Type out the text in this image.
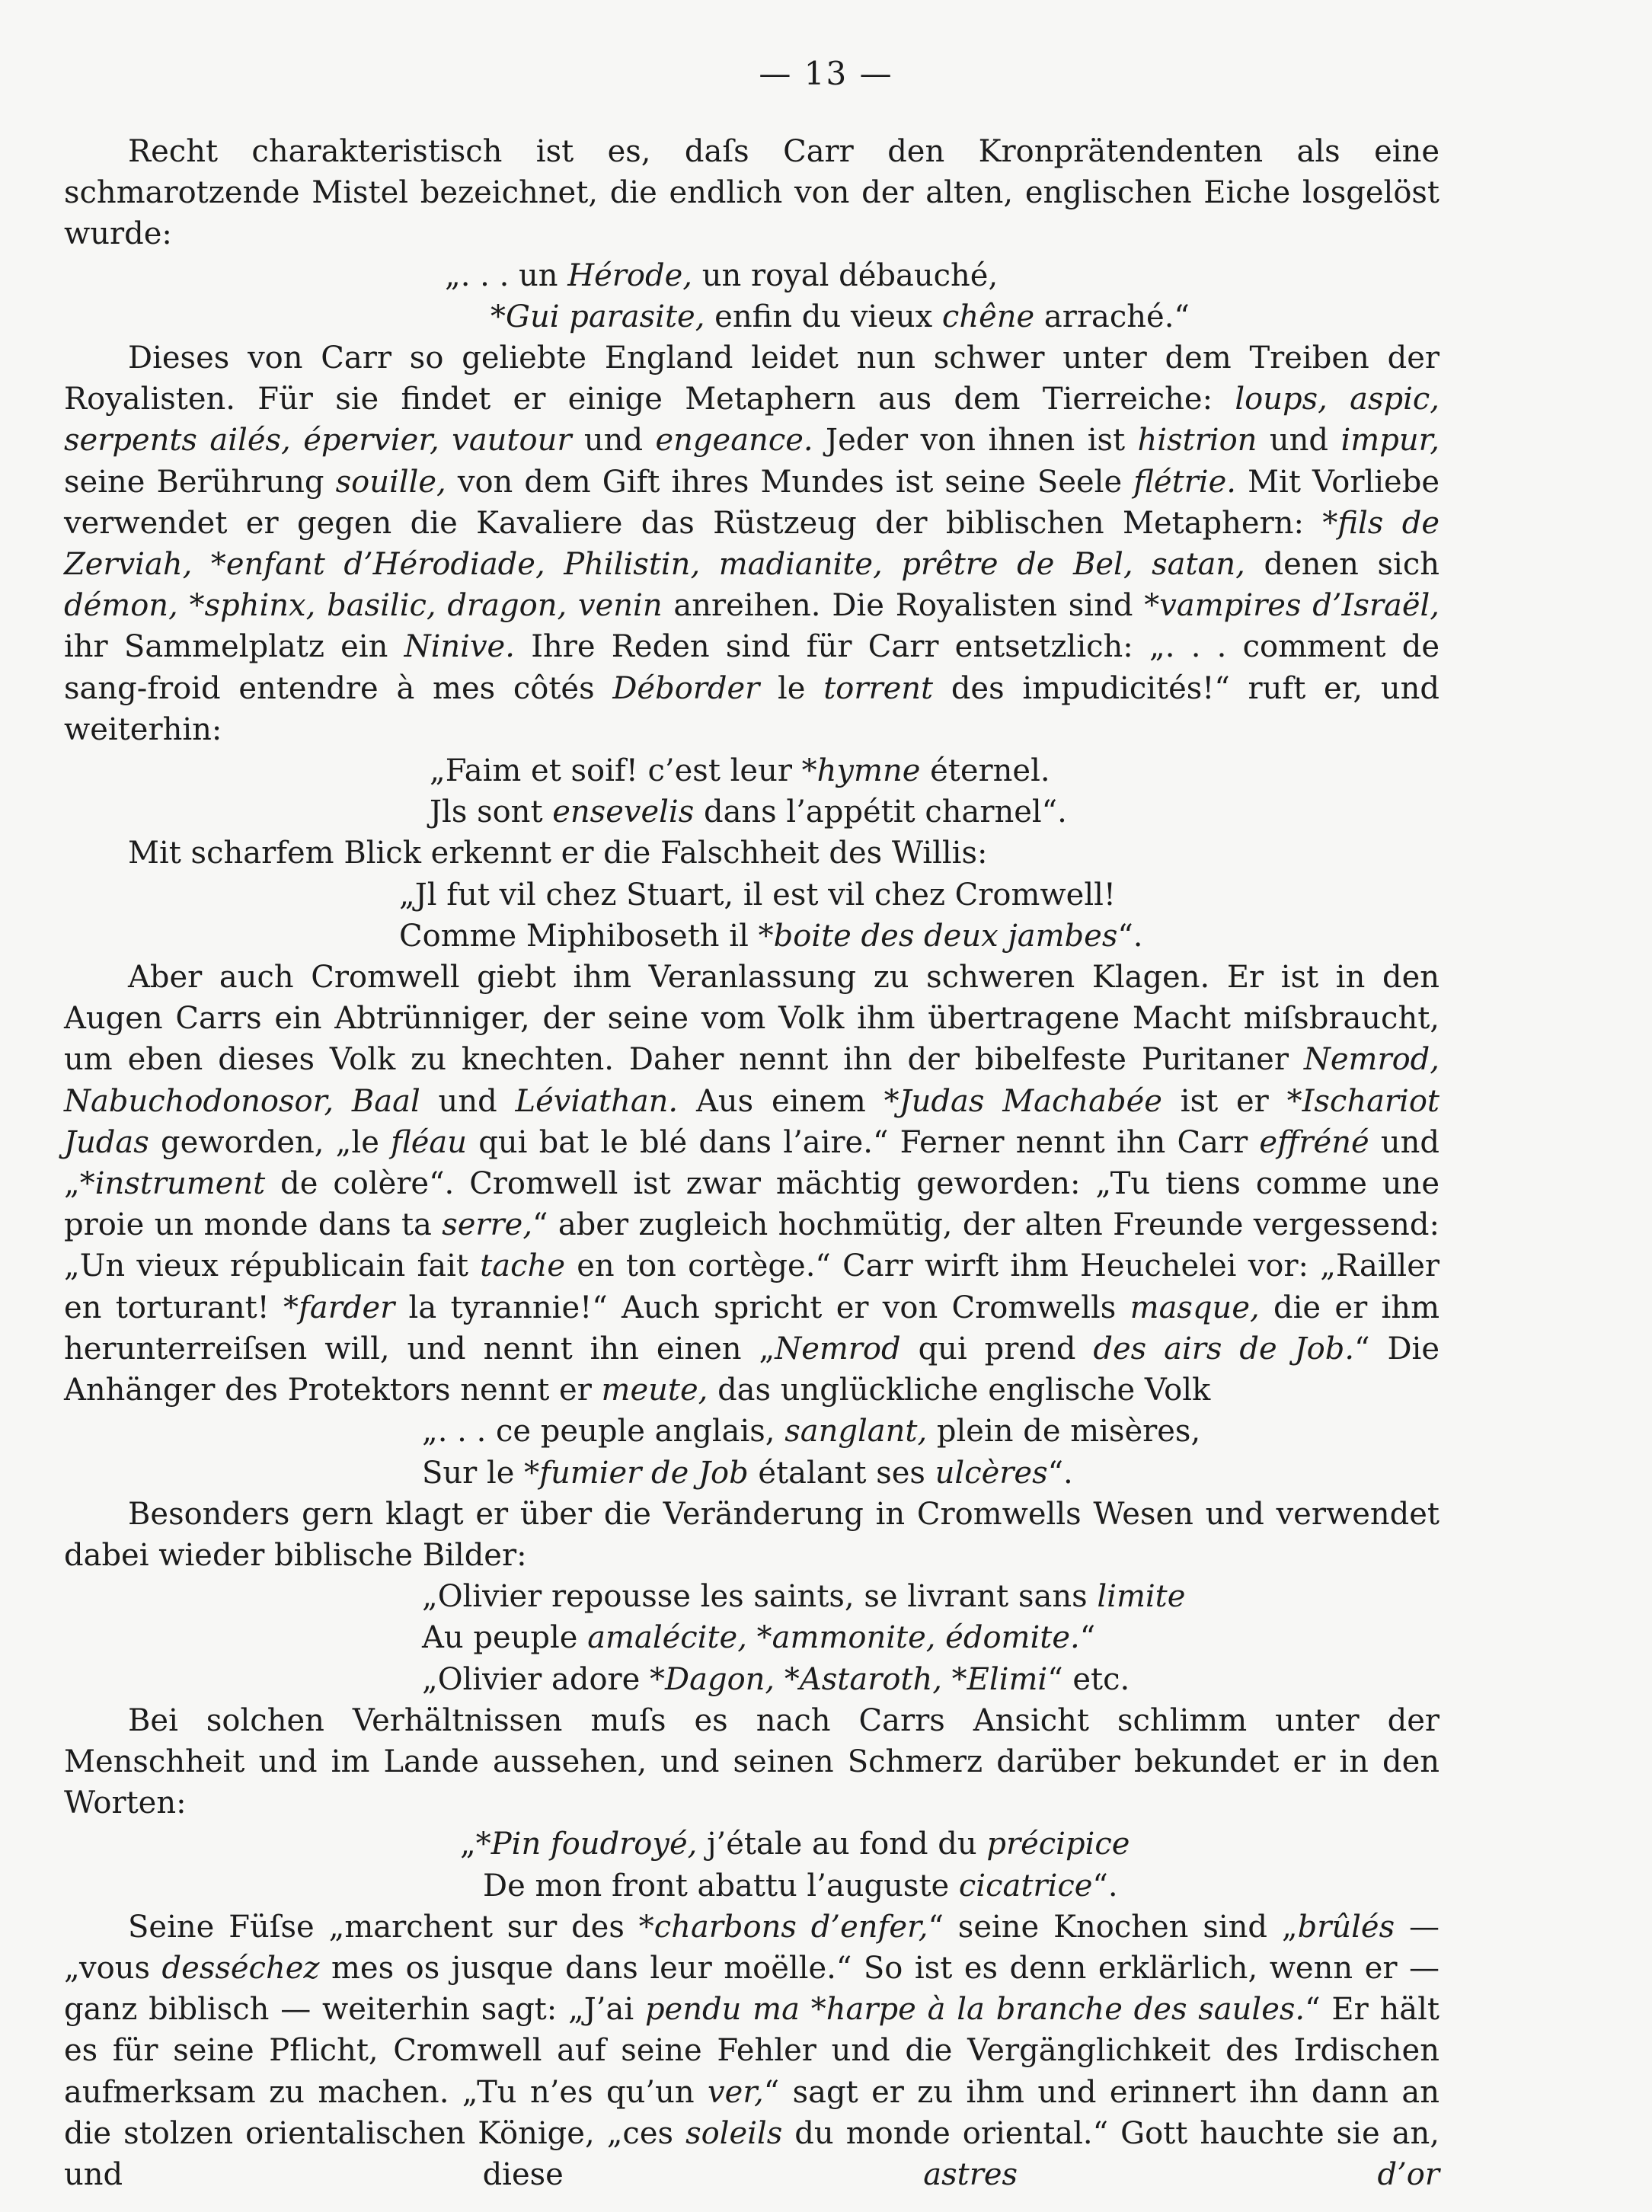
— 13 —

Recht charakteristisch ist es, daſs Carr den Kronprätendenten als eine schmarotzende Mistel bezeichnet, die endlich von der alten, englischen Eiche losgelöst wurde:

„. . . un Hérode, un royal débauché,

*Gui parasite, enfin du vieux chêne arraché.“

Dieses von Carr so geliebte England leidet nun schwer unter dem Treiben der Royalisten. Für sie findet er einige Metaphern aus dem Tierreiche: loups, aspic, serpents ailés, épervier, vautour und engeance. Jeder von ihnen ist histrion und impur, seine Berührung souille, von dem Gift ihres Mundes ist seine Seele flétrie. Mit Vorliebe verwendet er gegen die Kavaliere das Rüstzeug der biblischen Metaphern: *fils de Zerviah, *enfant d’Hérodiade, Philistin, madianite, prêtre de Bel, satan, denen sich démon, *sphinx, basilic, dragon, venin anreihen. Die Royalisten sind *vampires d’Israël, ihr Sammelplatz ein Ninive. Ihre Reden sind für Carr entsetzlich: „. . . comment de sang-froid entendre à mes côtés Déborder le torrent des impudicités!“ ruft er, und weiterhin:

„Faim et soif! c’est leur *hymne éternel.

Jls sont ensevelis dans l’appétit charnel“.

Mit scharfem Blick erkennt er die Falschheit des Willis:

„Jl fut vil chez Stuart, il est vil chez Cromwell!

Comme Miphiboseth il *boite des deux jambes“.

Aber auch Cromwell giebt ihm Veranlassung zu schweren Klagen. Er ist in den Augen Carrs ein Abtrünniger, der seine vom Volk ihm übertragene Macht miſsbraucht, um eben dieses Volk zu knechten. Daher nennt ihn der bibelfeste Puritaner Nemrod, Nabuchodonosor, Baal und Léviathan. Aus einem *Judas Machabée ist er *Ischariot Judas geworden, „le fléau qui bat le blé dans l’aire.“ Ferner nennt ihn Carr effréné und „*instrument de colère“. Cromwell ist zwar mächtig geworden: „Tu tiens comme une proie un monde dans ta serre,“ aber zugleich hochmütig, der alten Freunde vergessend: „Un vieux républicain fait tache en ton cortège.“ Carr wirft ihm Heuchelei vor: „Railler en torturant! *farder la tyrannie!“ Auch spricht er von Cromwells masque, die er ihm herunterreiſsen will, und nennt ihn einen „Nemrod qui prend des airs de Job.“ Die Anhänger des Protektors nennt er meute, das unglückliche englische Volk

„. . . ce peuple anglais, sanglant, plein de misères,

Sur le *fumier de Job étalant ses ulcères“.

Besonders gern klagt er über die Veränderung in Cromwells Wesen und verwendet dabei wieder biblische Bilder:

„Olivier repousse les saints, se livrant sans limite

Au peuple amalécite, *ammonite, édomite.“

„Olivier adore *Dagon, *Astaroth, *Elimi“ etc.

Bei solchen Verhältnissen muſs es nach Carrs Ansicht schlimm unter der Menschheit und im Lande aussehen, und seinen Schmerz darüber bekundet er in den Worten:

„*Pin foudroyé, j’étale au fond du précipice

De mon front abattu l’auguste cicatrice“.

Seine Füſse „marchent sur des *charbons d’enfer,“ seine Knochen sind „brûlés — „vous desséchez mes os jusque dans leur moëlle.“ So ist es denn erklärlich, wenn er — ganz biblisch — weiterhin sagt: „J’ai pendu ma *harpe à la branche des saules.“ Er hält es für seine Pflicht, Cromwell auf seine Fehler und die Vergänglichkeit des Irdischen aufmerksam zu machen. „Tu n’es qu’un ver,“ sagt er zu ihm und erinnert ihn dann an die stolzen orientalischen Könige, „ces soleils du monde oriental.“ Gott hauchte sie an, und diese astres d’or
